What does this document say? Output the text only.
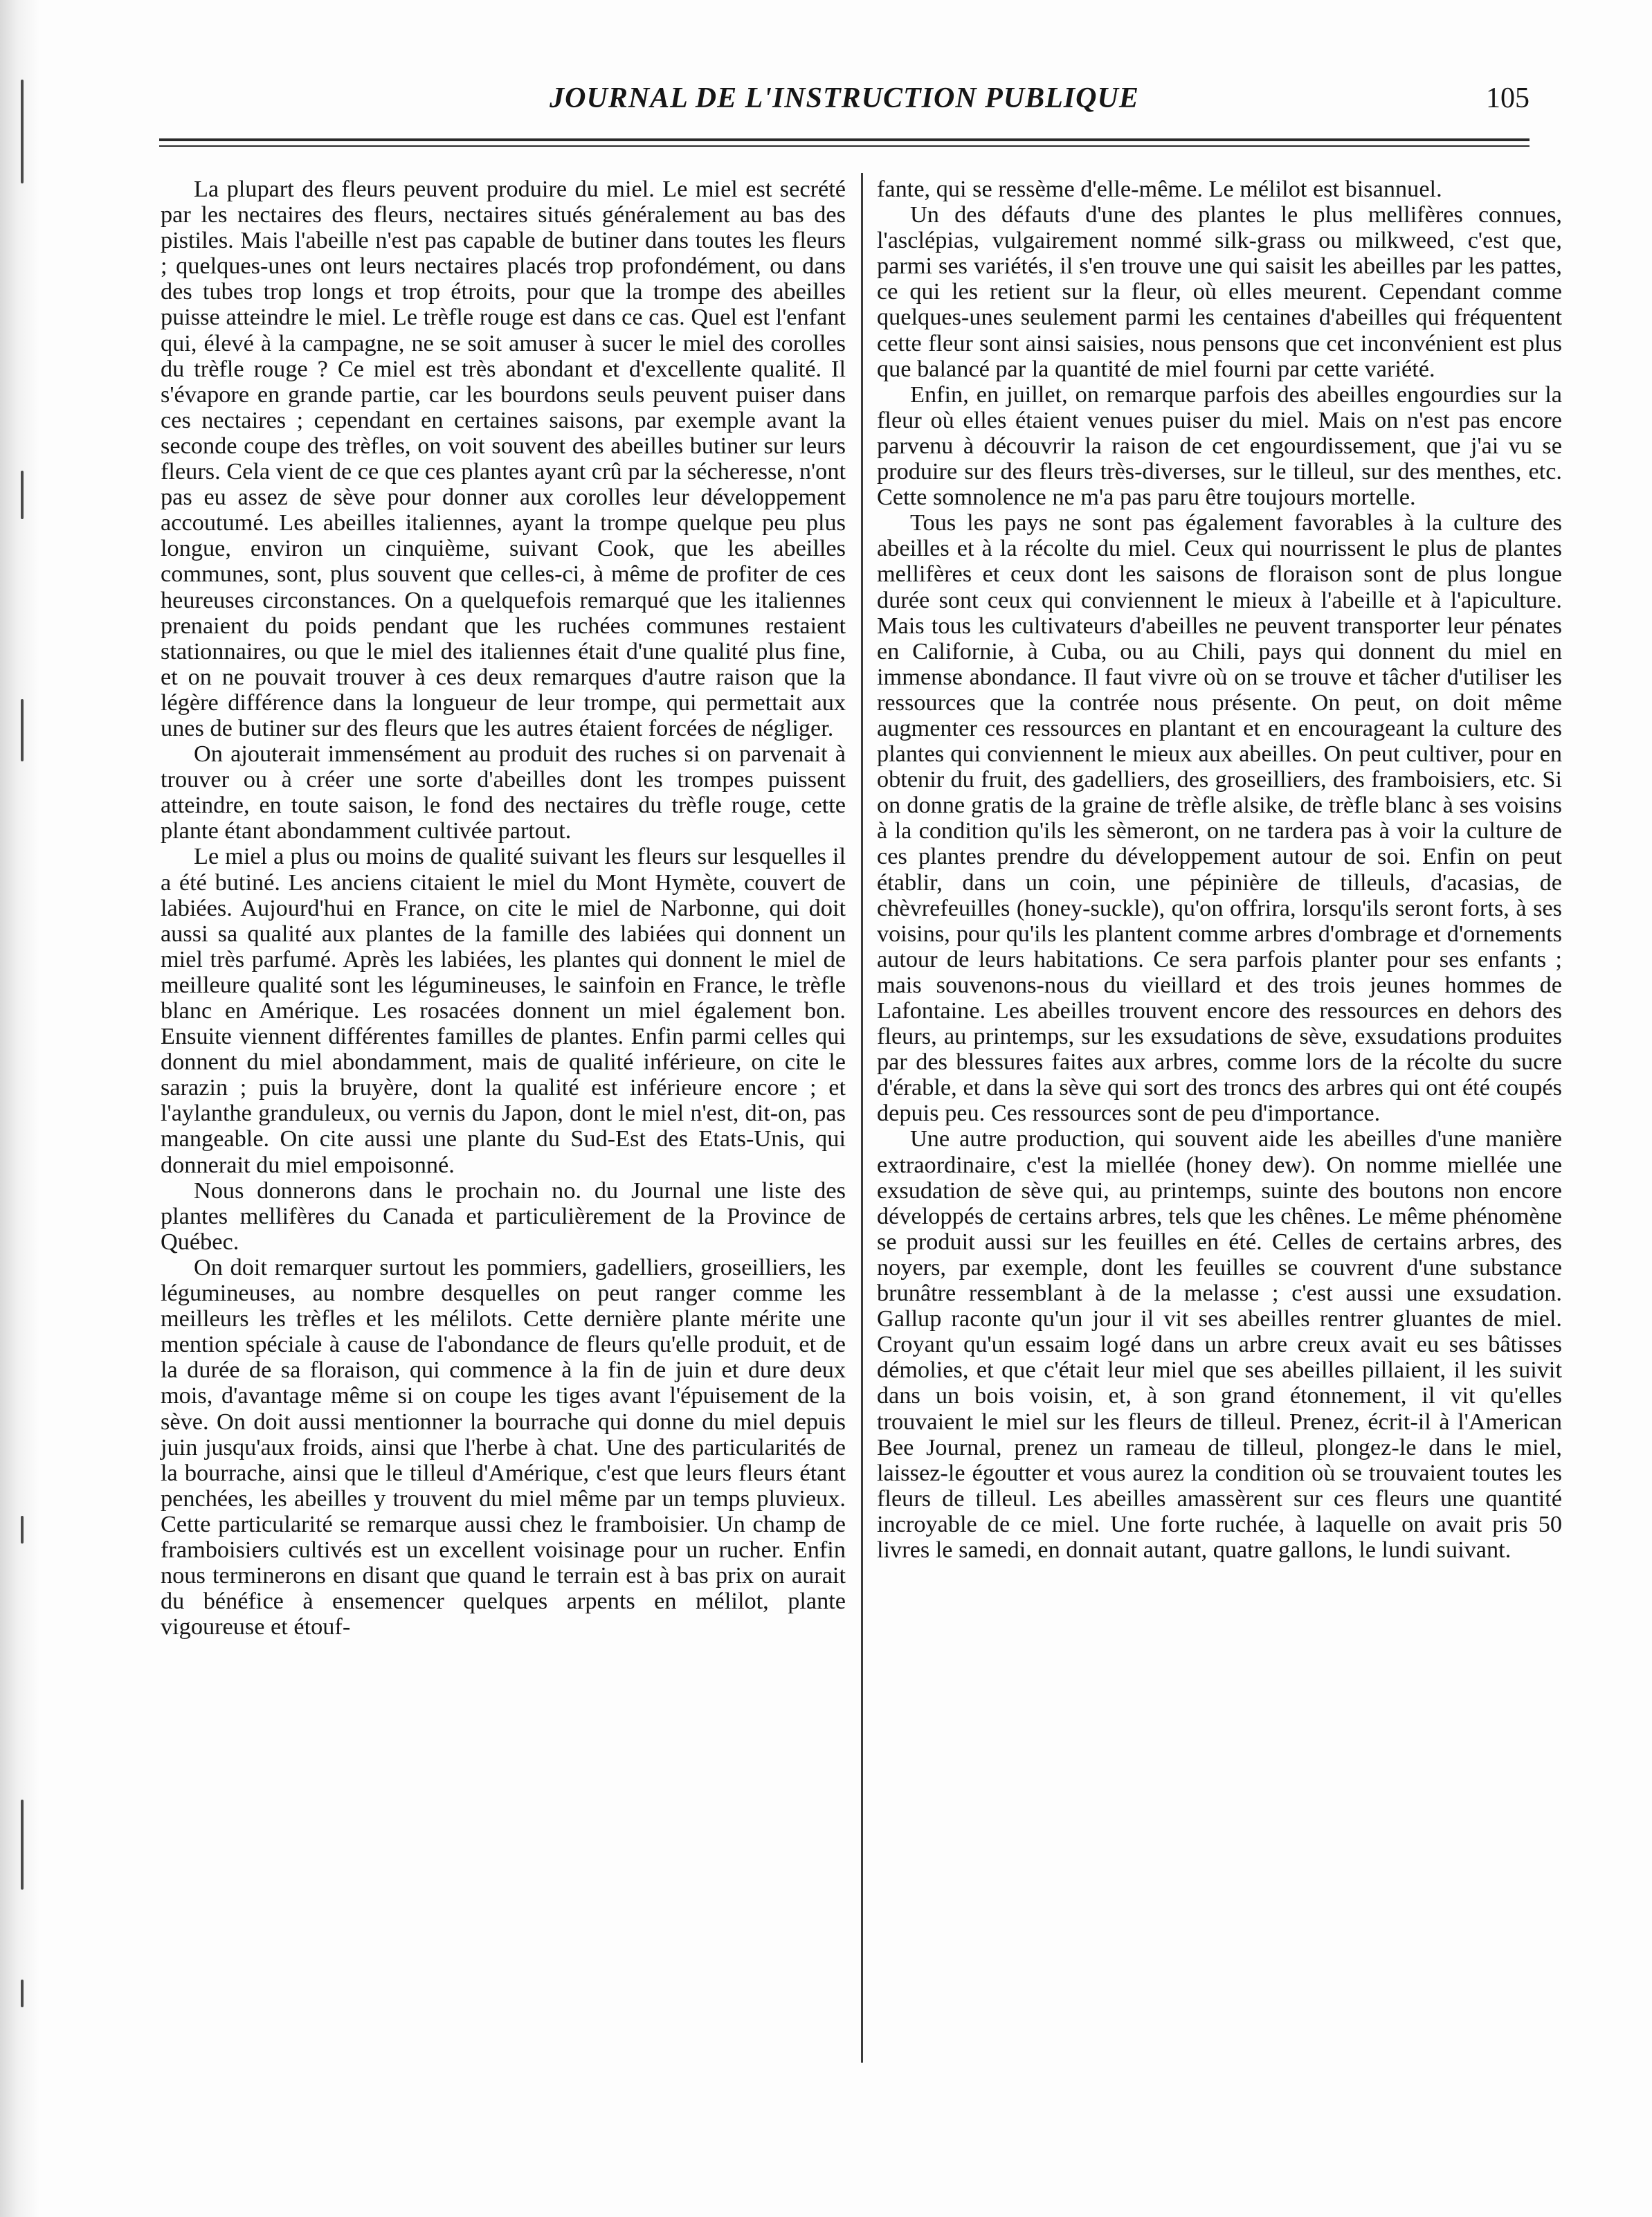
JOURNAL DE L'INSTRUCTION PUBLIQUE	105

La plupart des fleurs peuvent produire du miel. Le miel est secrété par les nectaires des fleurs, nectaires situés généralement au bas des pistiles. Mais l'abeille n'est pas capable de butiner dans toutes les fleurs ; quelques-unes ont leurs nectaires placés trop profondément, ou dans des tubes trop longs et trop étroits, pour que la trompe des abeilles puisse atteindre le miel. Le trèfle rouge est dans ce cas. Quel est l'enfant qui, élevé à la campagne, ne se soit amuser à sucer le miel des corolles du trèfle rouge ? Ce miel est très abondant et d'excellente qualité. Il s'évapore en grande partie, car les bourdons seuls peuvent puiser dans ces nectaires ; cependant en certaines saisons, par exemple avant la seconde coupe des trèfles, on voit souvent des abeilles butiner sur leurs fleurs. Cela vient de ce que ces plantes ayant crû par la sécheresse, n'ont pas eu assez de sève pour donner aux corolles leur développement accoutumé. Les abeilles italiennes, ayant la trompe quelque peu plus longue, environ un cinquième, suivant Cook, que les abeilles communes, sont, plus souvent que celles-ci, à même de profiter de ces heureuses circonstances. On a quelquefois remarqué que les italiennes prenaient du poids pendant que les ruchées communes restaient stationnaires, ou que le miel des italiennes était d'une qualité plus fine, et on ne pouvait trouver à ces deux remarques d'autre raison que la légère différence dans la longueur de leur trompe, qui permettait aux unes de butiner sur des fleurs que les autres étaient forcées de négliger.

On ajouterait immensément au produit des ruches si on parvenait à trouver ou à créer une sorte d'abeilles dont les trompes puissent atteindre, en toute saison, le fond des nectaires du trèfle rouge, cette plante étant abondamment cultivée partout.

Le miel a plus ou moins de qualité suivant les fleurs sur lesquelles il a été butiné. Les anciens citaient le miel du Mont Hymète, couvert de labiées. Aujourd'hui en France, on cite le miel de Narbonne, qui doit aussi sa qualité aux plantes de la famille des labiées qui donnent un miel très parfumé. Après les labiées, les plantes qui donnent le miel de meilleure qualité sont les légumineuses, le sainfoin en France, le trèfle blanc en Amérique. Les rosacées donnent un miel également bon. Ensuite viennent différentes familles de plantes. Enfin parmi celles qui donnent du miel abondamment, mais de qualité inférieure, on cite le sarazin ; puis la bruyère, dont la qualité est inférieure encore ; et l'aylanthe granduleux, ou vernis du Japon, dont le miel n'est, dit-on, pas mangeable. On cite aussi une plante du Sud-Est des Etats-Unis, qui donnerait du miel empoisonné.

Nous donnerons dans le prochain no. du Journal une liste des plantes mellifères du Canada et particulièrement de la Province de Québec.

On doit remarquer surtout les pommiers, gadelliers, groseilliers, les légumineuses, au nombre desquelles on peut ranger comme les meilleurs les trèfles et les mélilots. Cette dernière plante mérite une mention spéciale à cause de l'abondance de fleurs qu'elle produit, et de la durée de sa floraison, qui commence à la fin de juin et dure deux mois, d'avantage même si on coupe les tiges avant l'épuisement de la sève. On doit aussi mentionner la bourrache qui donne du miel depuis juin jusqu'aux froids, ainsi que l'herbe à chat. Une des particularités de la bourrache, ainsi que le tilleul d'Amérique, c'est que leurs fleurs étant penchées, les abeilles y trouvent du miel même par un temps pluvieux. Cette particularité se remarque aussi chez le framboisier. Un champ de framboisiers cultivés est un excellent voisinage pour un rucher. Enfin nous terminerons en disant que quand le terrain est à bas prix on aurait du bénéfice à ensemencer quelques arpents en mélilot, plante vigoureuse et étouf-

fante, qui se ressème d'elle-même. Le mélilot est bisannuel.

Un des défauts d'une des plantes le plus mellifères connues, l'asclépias, vulgairement nommé silk-grass ou milkweed, c'est que, parmi ses variétés, il s'en trouve une qui saisit les abeilles par les pattes, ce qui les retient sur la fleur, où elles meurent. Cependant comme quelques-unes seulement parmi les centaines d'abeilles qui fréquentent cette fleur sont ainsi saisies, nous pensons que cet inconvénient est plus que balancé par la quantité de miel fourni par cette variété.

Enfin, en juillet, on remarque parfois des abeilles engourdies sur la fleur où elles étaient venues puiser du miel. Mais on n'est pas encore parvenu à découvrir la raison de cet engourdissement, que j'ai vu se produire sur des fleurs très-diverses, sur le tilleul, sur des menthes, etc. Cette somnolence ne m'a pas paru être toujours mortelle.

Tous les pays ne sont pas également favorables à la culture des abeilles et à la récolte du miel. Ceux qui nourrissent le plus de plantes mellifères et ceux dont les saisons de floraison sont de plus longue durée sont ceux qui conviennent le mieux à l'abeille et à l'apiculture. Mais tous les cultivateurs d'abeilles ne peuvent transporter leur pénates en Californie, à Cuba, ou au Chili, pays qui donnent du miel en immense abondance. Il faut vivre où on se trouve et tâcher d'utiliser les ressources que la contrée nous présente. On peut, on doit même augmenter ces ressources en plantant et en encourageant la culture des plantes qui conviennent le mieux aux abeilles. On peut cultiver, pour en obtenir du fruit, des gadelliers, des groseilliers, des framboisiers, etc. Si on donne gratis de la graine de trèfle alsike, de trèfle blanc à ses voisins à la condition qu'ils les sèmeront, on ne tardera pas à voir la culture de ces plantes prendre du développement autour de soi. Enfin on peut établir, dans un coin, une pépinière de tilleuls, d'acasias, de chèvrefeuilles (honey-suckle), qu'on offrira, lorsqu'ils seront forts, à ses voisins, pour qu'ils les plantent comme arbres d'ombrage et d'ornements autour de leurs habitations. Ce sera parfois planter pour ses enfants ; mais souvenons-nous du vieillard et des trois jeunes hommes de Lafontaine. Les abeilles trouvent encore des ressources en dehors des fleurs, au printemps, sur les exsudations de sève, exsudations produites par des blessures faites aux arbres, comme lors de la récolte du sucre d'érable, et dans la sève qui sort des troncs des arbres qui ont été coupés depuis peu. Ces ressources sont de peu d'importance.

Une autre production, qui souvent aide les abeilles d'une manière extraordinaire, c'est la miellée (honey dew). On nomme miellée une exsudation de sève qui, au printemps, suinte des boutons non encore développés de certains arbres, tels que les chênes. Le même phénomène se produit aussi sur les feuilles en été. Celles de certains arbres, des noyers, par exemple, dont les feuilles se couvrent d'une substance brunâtre ressemblant à de la melasse ; c'est aussi une exsudation. Gallup raconte qu'un jour il vit ses abeilles rentrer gluantes de miel. Croyant qu'un essaim logé dans un arbre creux avait eu ses bâtisses démolies, et que c'était leur miel que ses abeilles pillaient, il les suivit dans un bois voisin, et, à son grand étonnement, il vit qu'elles trouvaient le miel sur les fleurs de tilleul. Prenez, écrit-il à l'American Bee Journal, prenez un rameau de tilleul, plongez-le dans le miel, laissez-le égoutter et vous aurez la condition où se trouvaient toutes les fleurs de tilleul. Les abeilles amassèrent sur ces fleurs une quantité incroyable de ce miel. Une forte ruchée, à laquelle on avait pris 50 livres le samedi, en donnait autant, quatre gallons, le lundi suivant.
